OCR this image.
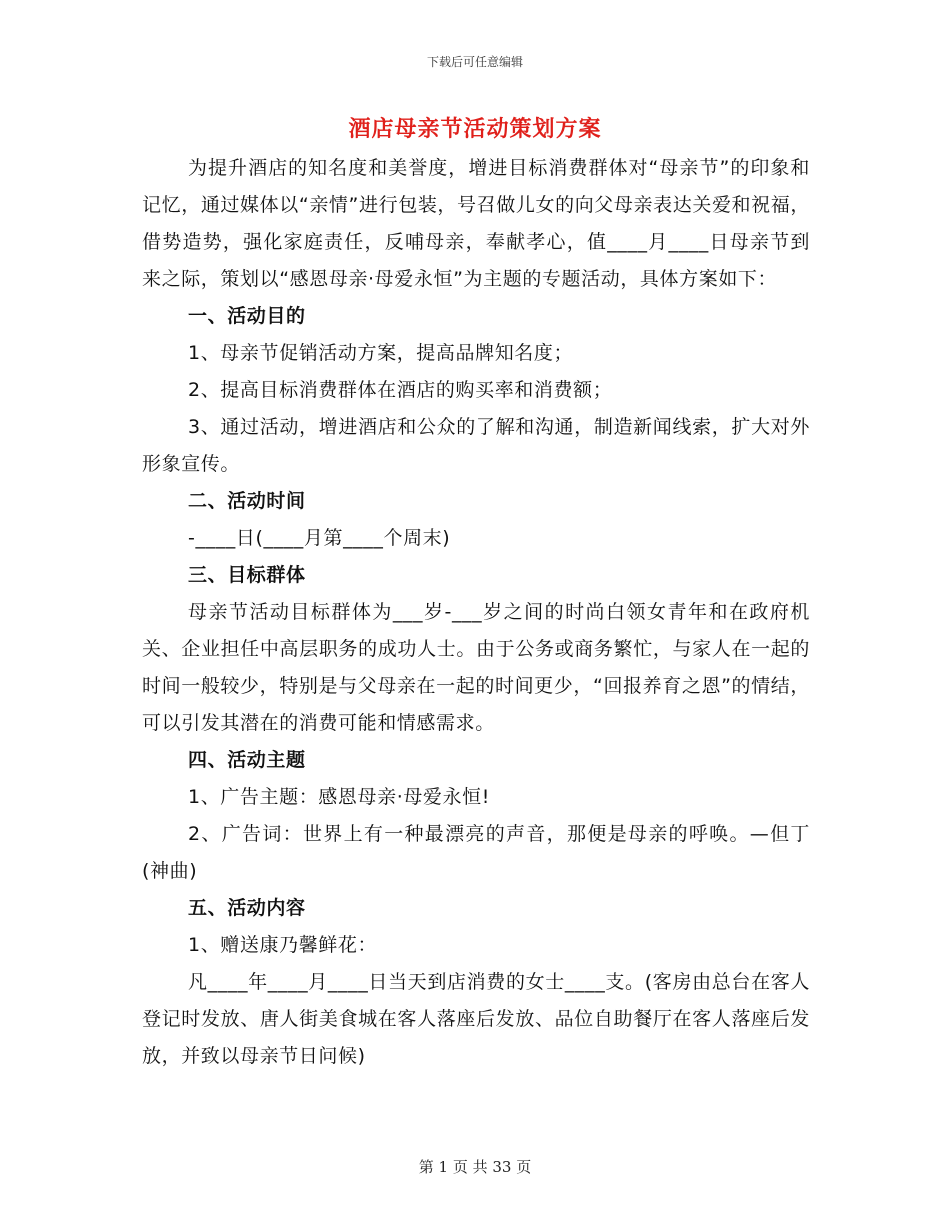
下载后可任意编辑
酒店母亲节活动策划方案

为提升酒店的知名度和美誉度，增进目标消费群体对“母亲节”的印象和记忆，通过媒体以“亲情”进行包装，号召做儿女的向父母亲表达关爱和祝福，借势造势，强化家庭责任，反哺母亲，奉献孝心，值____月____日母亲节到来之际，策划以“感恩母亲·母爱永恒”为主题的专题活动，具体方案如下：

一、活动目的

1、母亲节促销活动方案，提高品牌知名度；

2、提高目标消费群体在酒店的购买率和消费额；

3、通过活动，增进酒店和公众的了解和沟通，制造新闻线索，扩大对外形象宣传。

二、活动时间

-____日(____月第____个周末)

三、目标群体

母亲节活动目标群体为___岁-___岁之间的时尚白领女青年和在政府机关、企业担任中高层职务的成功人士。由于公务或商务繁忙，与家人在一起的时间一般较少，特别是与父母亲在一起的时间更少，“回报养育之恩”的情结，可以引发其潜在的消费可能和情感需求。

四、活动主题

1、广告主题：感恩母亲·母爱永恒!

2、广告词：世界上有一种最漂亮的声音，那便是母亲的呼唤。—但丁(神曲)

五、活动内容

1、赠送康乃馨鲜花：

凡____年____月____日当天到店消费的女士____支。(客房由总台在客人登记时发放、唐人街美食城在客人落座后发放、品位自助餐厅在客人落座后发放，并致以母亲节日问候)

第 1 页 共 33 页
